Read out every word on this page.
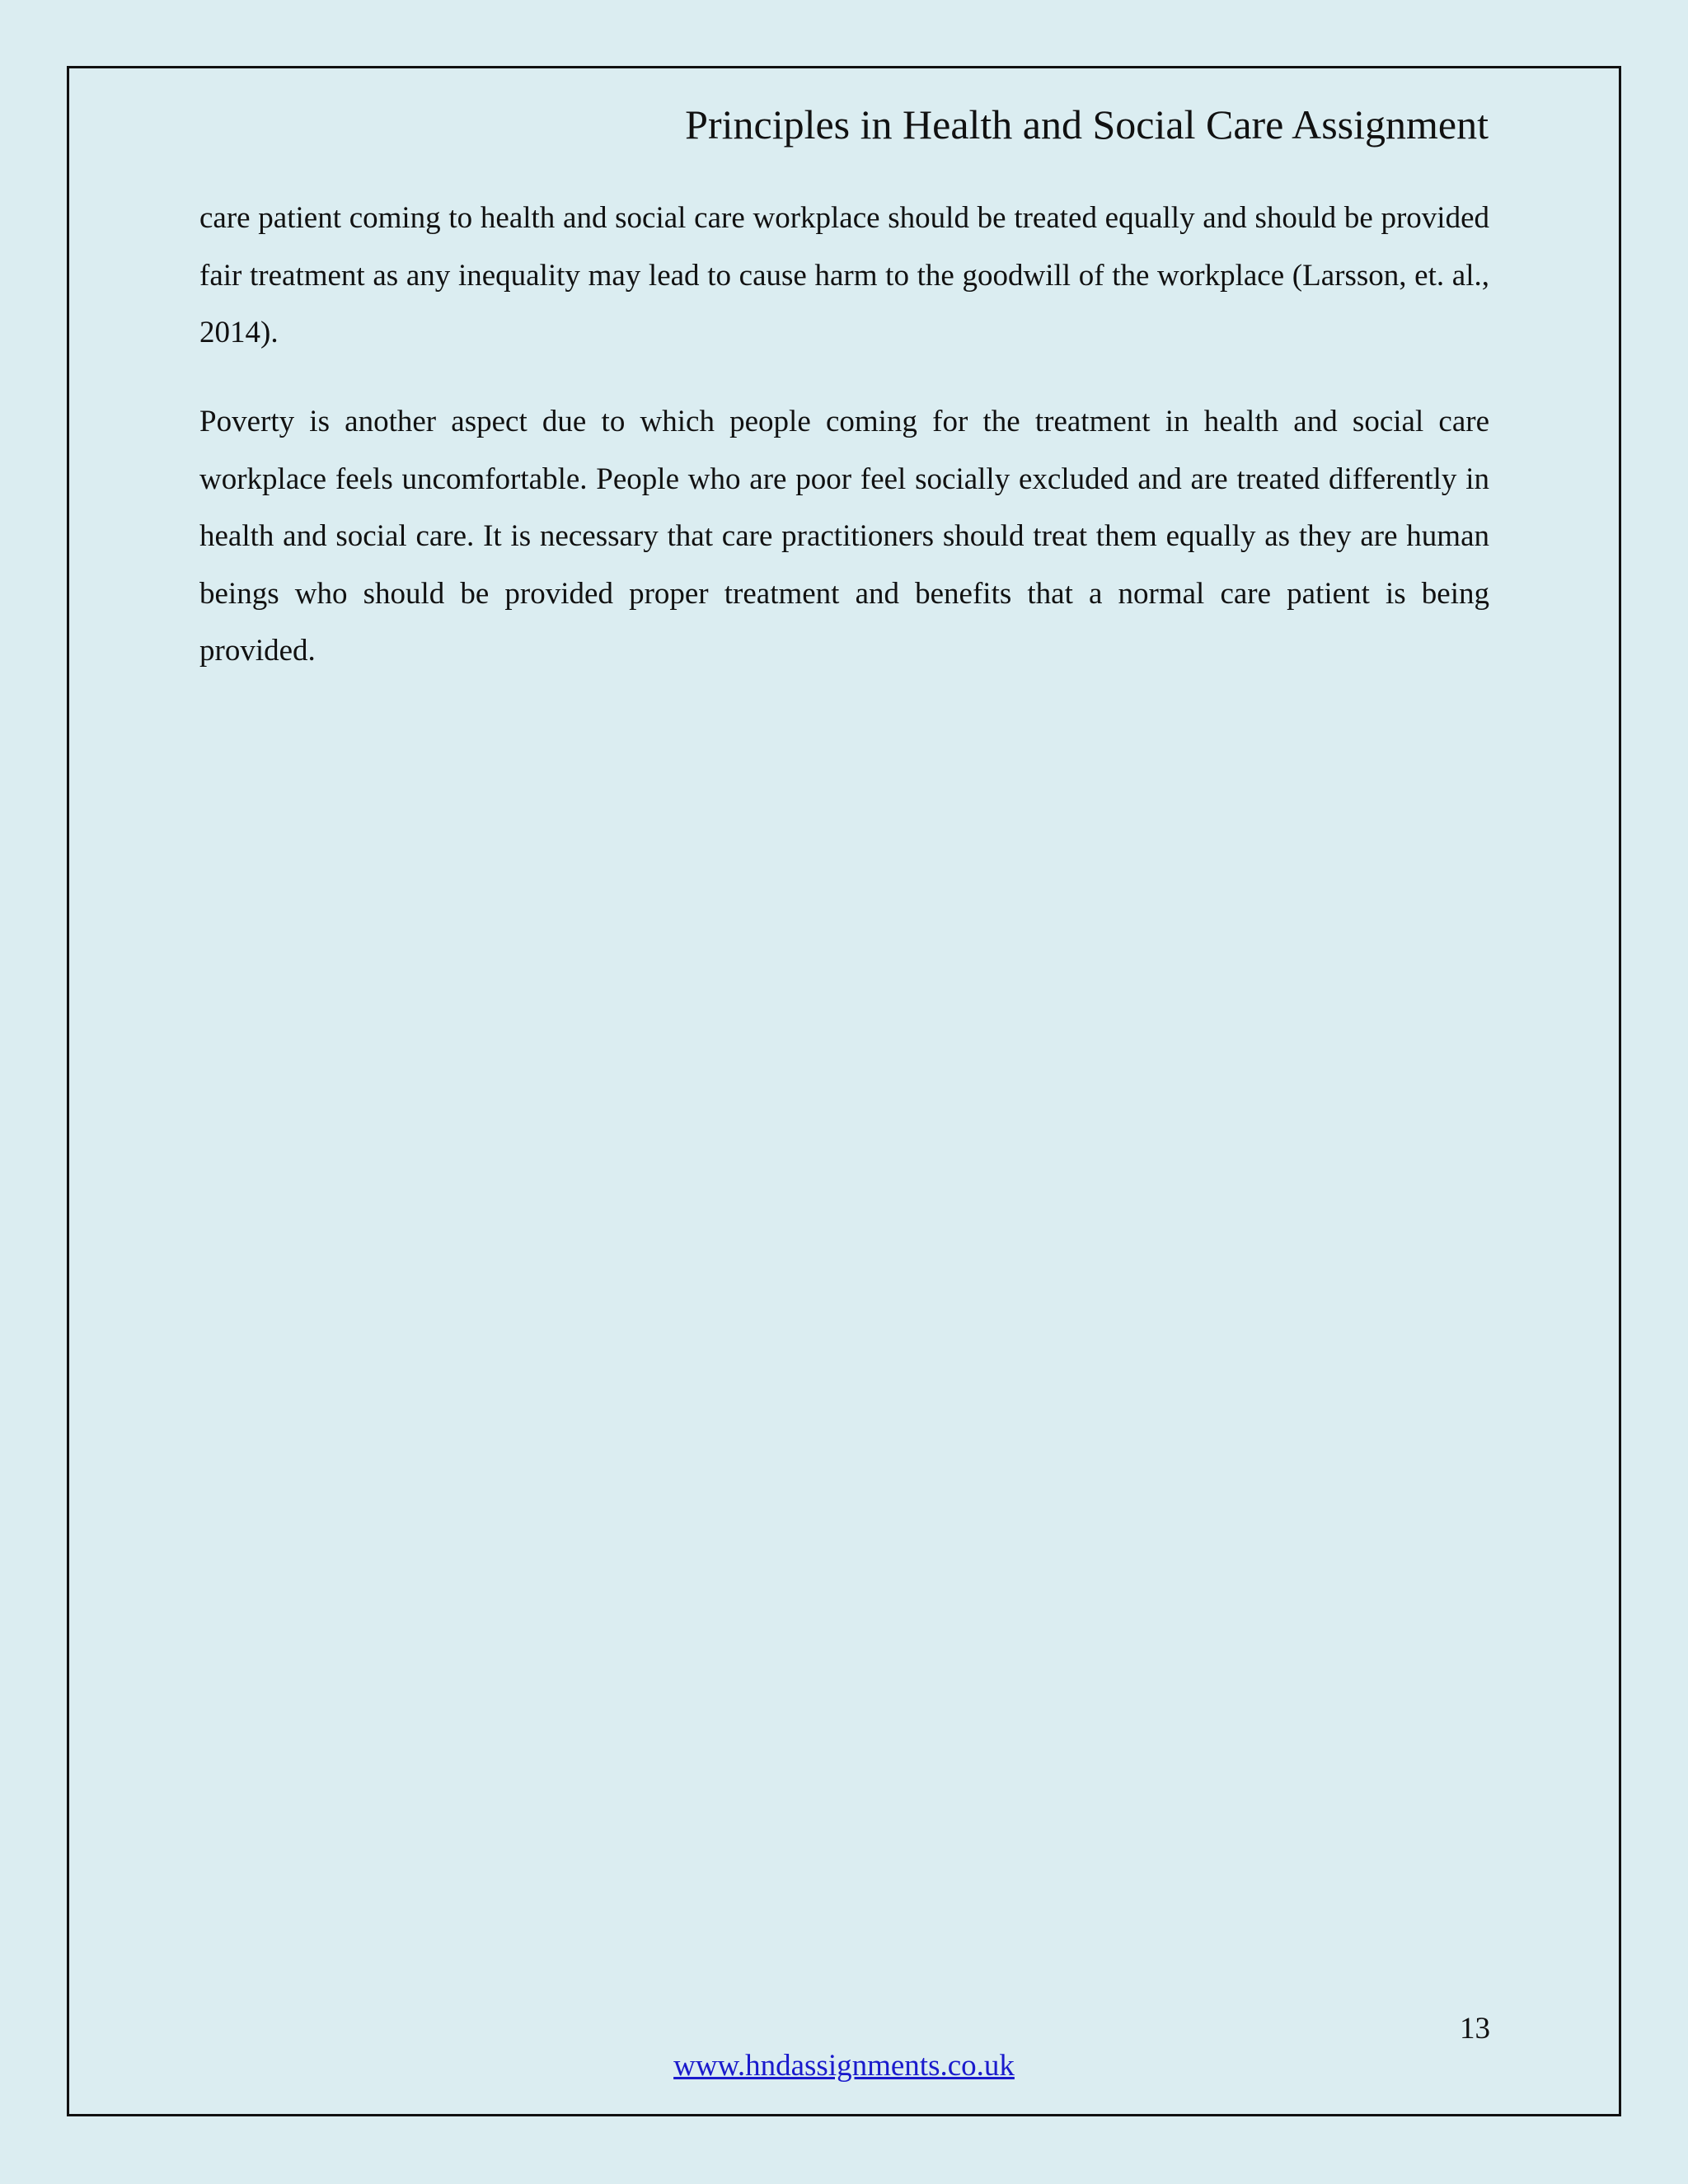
Principles in Health and Social Care Assignment

care patient coming to health and social care workplace should be treated equally and should be provided fair treatment as any inequality may lead to cause harm to the goodwill of the workplace (Larsson, et. al., 2014).

Poverty is another aspect due to which people coming for the treatment in health and social care workplace feels uncomfortable. People who are poor feel socially excluded and are treated differently in health and social care. It is necessary that care practitioners should treat them equally as they are human beings who should be provided proper treatment and benefits that a normal care patient is being provided.

13
www.hndassignments.co.uk
